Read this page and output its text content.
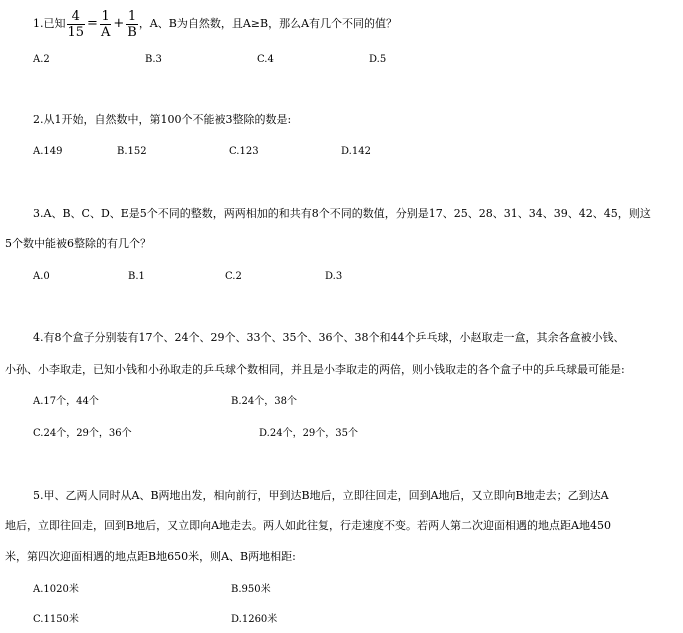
1.已知 $\frac{4}{15} = \frac{1}{A} + \frac{1}{B}$ ，A、B为自然数，且A≥B，那么A有几个不同的值？
A.2	B.3	C.4	D.5
2.从1开始，自然数中，第100个不能被3整除的数是:
A.149	B.152	C.123	D.142
3.A、B、C、D、E是5个不同的整数，两两相加的和共有8个不同的数值，分别是17、25、28、31、34、39、42、45，则这
5个数中能被6整除的有几个？
A.0	B.1	C.2	D.3
4.有8个盒子分别装有17个、24个、29个、33个、35个、36个、38个和44个乒乓球，小赵取走一盒，其余各盒被小钱、
小孙、小李取走，已知小钱和小孙取走的乒乓球个数相同，并且是小李取走的两倍，则小钱取走的各个盒子中的乒乓球最可能是:
A.17个，44个	B.24个，38个
C.24个，29个，36个	D.24个，29个，35个
5.甲、乙两人同时从A、B两地出发，相向前行，甲到达B地后，立即往回走，回到A地后，又立即向B地走去；乙到达A
地后，立即往回走，回到B地后，又立即向A地走去。两人如此往复，行走速度不变。若两人第二次迎面相遇的地点距A地450
米，第四次迎面相遇的地点距B地650米，则A、B两地相距:
A.1020米	B.950米
C.1150米	D.1260米
